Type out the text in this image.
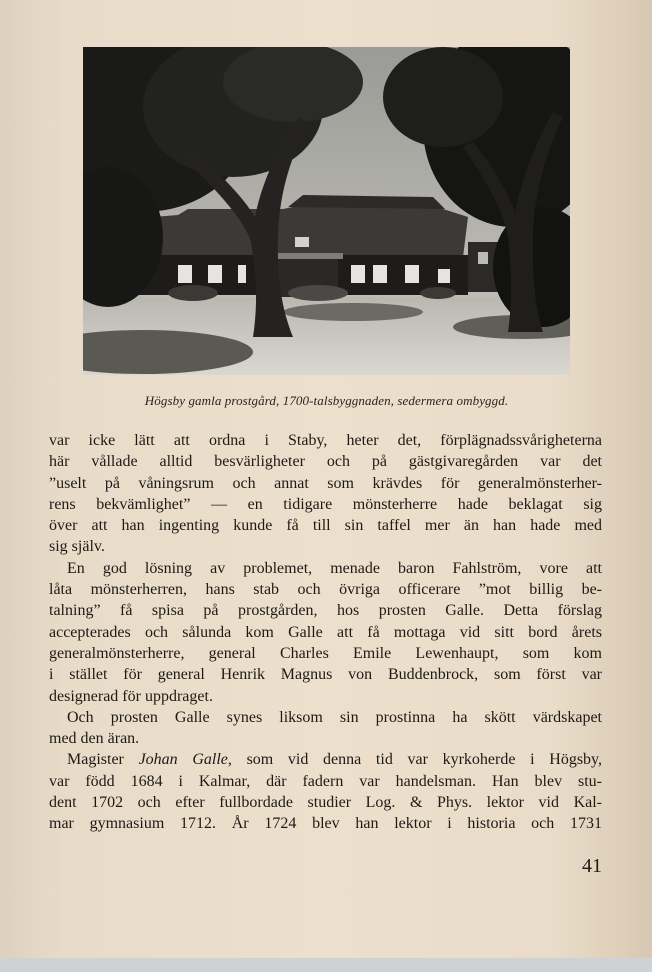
Högsby gamla prostgård, 1700-talsbyggnaden, sedermera ombyggd.
var icke lätt att ordna i Staby, heter det, förplägnadssvårigheterna
här vållade alltid besvärligheter och på gästgivaregården var det
”uselt på våningsrum och annat som krävdes för generalmönsterher-
rens bekvämlighet” — en tidigare mönsterherre hade beklagat sig
över att han ingenting kunde få till sin taffel mer än han hade med
sig själv.
En god lösning av problemet, menade baron Fahlström, vore att
låta mönsterherren, hans stab och övriga officerare ”mot billig be-
talning” få spisa på prostgården, hos prosten Galle. Detta förslag
accepterades och sålunda kom Galle att få mottaga vid sitt bord årets
generalmönsterherre, general Charles Emile Lewenhaupt, som kom
i stället för general Henrik Magnus von Buddenbrock, som först var
designerad för uppdraget.
Och prosten Galle synes liksom sin prostinna ha skött värdskapet
med den äran.
Magister Johan Galle, som vid denna tid var kyrkoherde i Högsby,
var född 1684 i Kalmar, där fadern var handelsman. Han blev stu-
dent 1702 och efter fullbordade studier Log. & Phys. lektor vid Kal-
mar gymnasium 1712. År 1724 blev han lektor i historia och 1731
41
